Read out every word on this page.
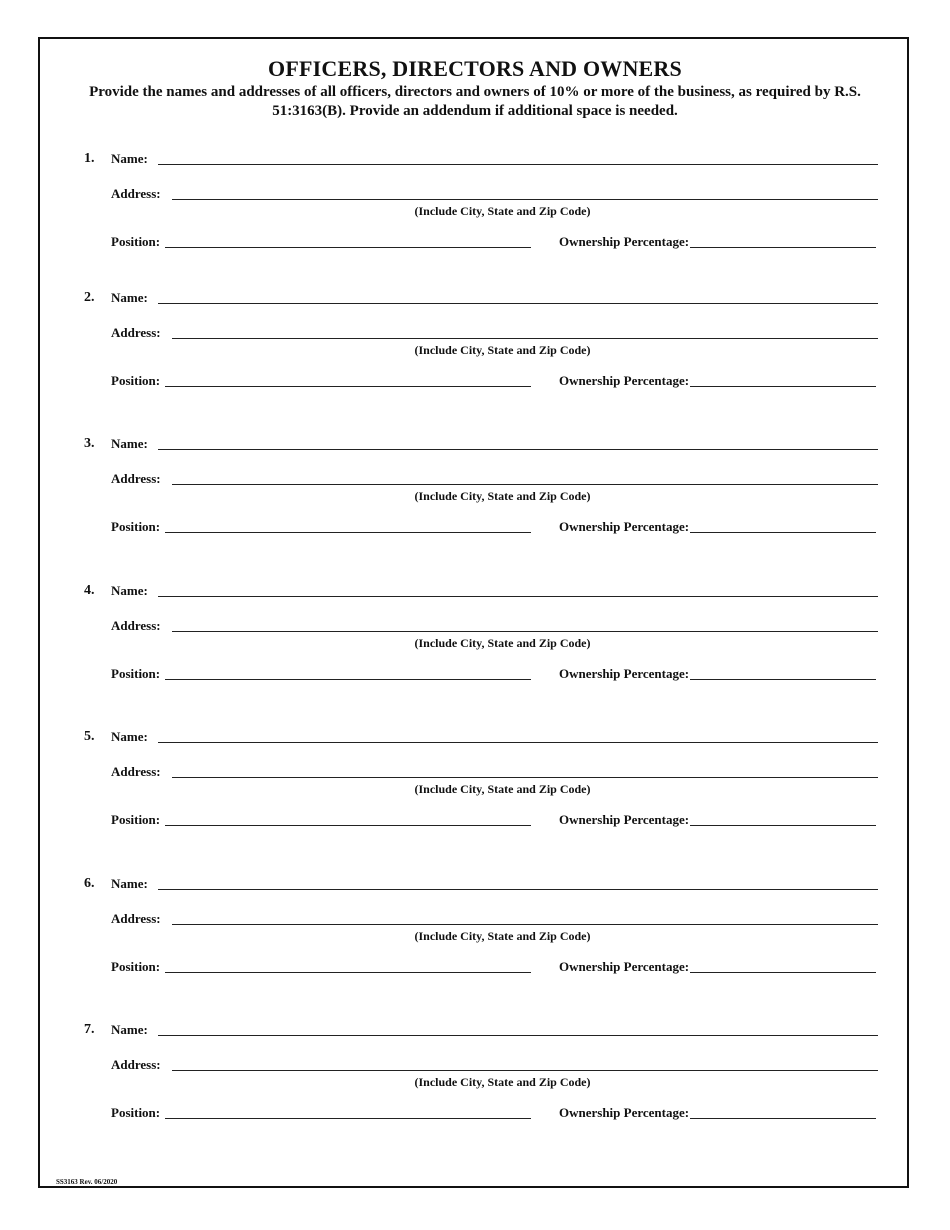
OFFICERS, DIRECTORS AND OWNERS
Provide the names and addresses of all officers, directors and owners of 10% or more of the business, as required by R.S. 51:3163(B). Provide an addendum if additional space is needed.
1. Name:
Address:
(Include City, State and Zip Code)
Position:	Ownership Percentage:
2. Name:
Address:
(Include City, State and Zip Code)
Position:	Ownership Percentage:
3. Name:
Address:
(Include City, State and Zip Code)
Position:	Ownership Percentage:
4. Name:
Address:
(Include City, State and Zip Code)
Position:	Ownership Percentage:
5. Name:
Address:
(Include City, State and Zip Code)
Position:	Ownership Percentage:
6. Name:
Address:
(Include City, State and Zip Code)
Position:	Ownership Percentage:
7. Name:
Address:
(Include City, State and Zip Code)
Position:	Ownership Percentage:
SS3163 Rev. 06/2020
